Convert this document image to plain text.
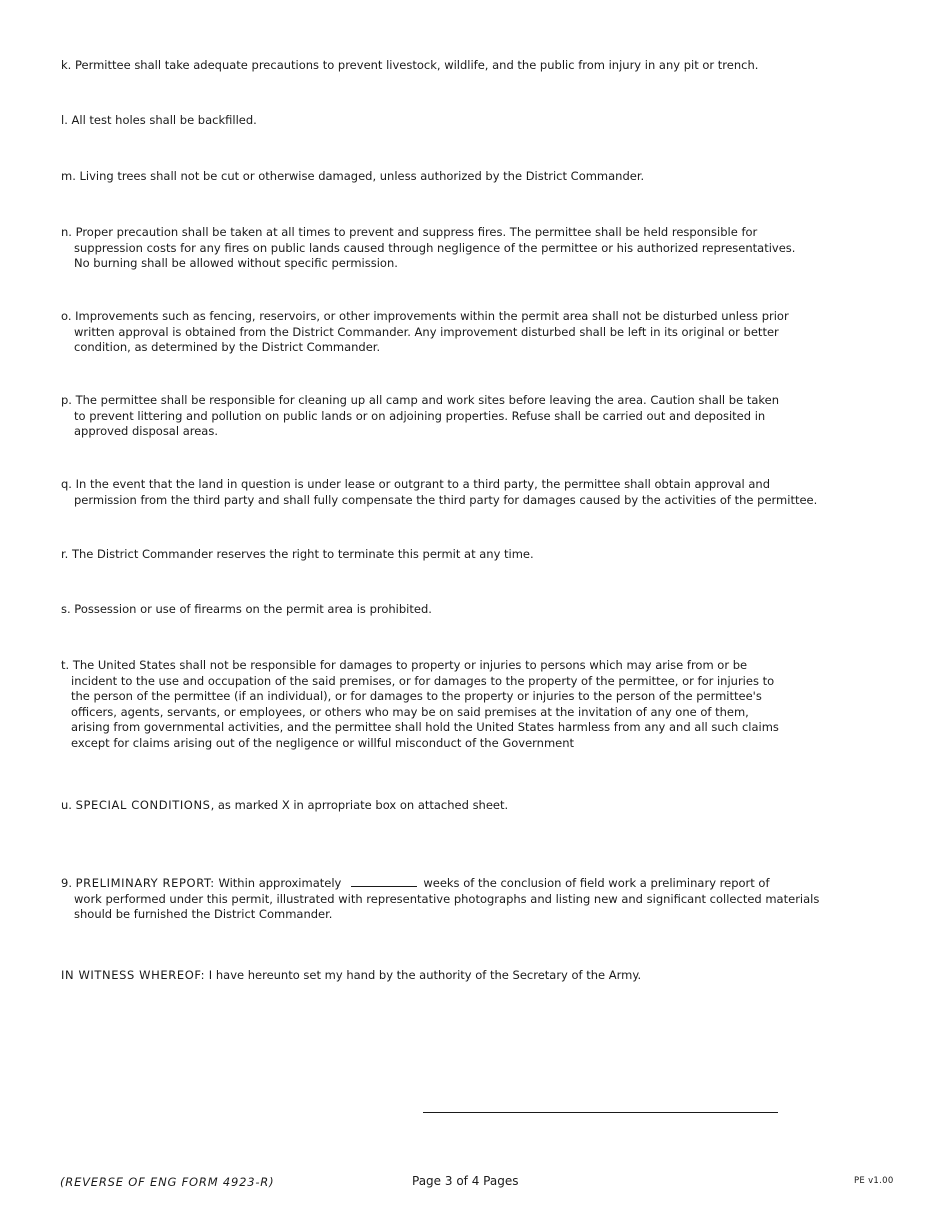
k. Permittee shall take adequate precautions to prevent livestock, wildlife, and the public from injury in any pit or trench.

l. All test holes shall be backfilled.

m. Living trees shall not be cut or otherwise damaged, unless authorized by the District Commander.

n. Proper precaution shall be taken at all times to prevent and suppress fires. The permittee shall be held responsible for
suppression costs for any fires on public lands caused through negligence of the permittee or his authorized representatives.
No burning shall be allowed without specific permission.

o. Improvements such as fencing, reservoirs, or other improvements within the permit area shall not be disturbed unless prior
written approval is obtained from the District Commander. Any improvement disturbed shall be left in its original or better
condition, as determined by the District Commander.

p. The permittee shall be responsible for cleaning up all camp and work sites before leaving the area. Caution shall be taken
to prevent littering and pollution on public lands or on adjoining properties. Refuse shall be carried out and deposited in
approved disposal areas.

q. In the event that the land in question is under lease or outgrant to a third party, the permittee shall obtain approval and
permission from the third party and shall fully compensate the third party for damages caused by the activities of the permittee.

r. The District Commander reserves the right to terminate this permit at any time.

s. Possession or use of firearms on the permit area is prohibited.

t. The United States shall not be responsible for damages to property or injuries to persons which may arise from or be
incident to the use and occupation of the said premises, or for damages to the property of the permittee, or for injuries to
the person of the permittee (if an individual), or for damages to the property or injuries to the person of the permittee's
officers, agents, servants, or employees, or others who may be on said premises at the invitation of any one of them,
arising from governmental activities, and the permittee shall hold the United States harmless from any and all such claims
except for claims arising out of the negligence or willful misconduct of the Government

u. SPECIAL CONDITIONS, as marked X in aprropriate box on attached sheet.

9. PRELIMINARY REPORT: Within approximately	weeks of the conclusion of field work a preliminary report of
work performed under this permit, illustrated with representative photographs and listing new and significant collected materials
should be furnished the District Commander.

IN WITNESS WHEREOF: I have hereunto set my hand by the authority of the Secretary of the Army.

(REVERSE OF ENG FORM 4923-R)	Page 3 of 4 Pages	PE v1.00
